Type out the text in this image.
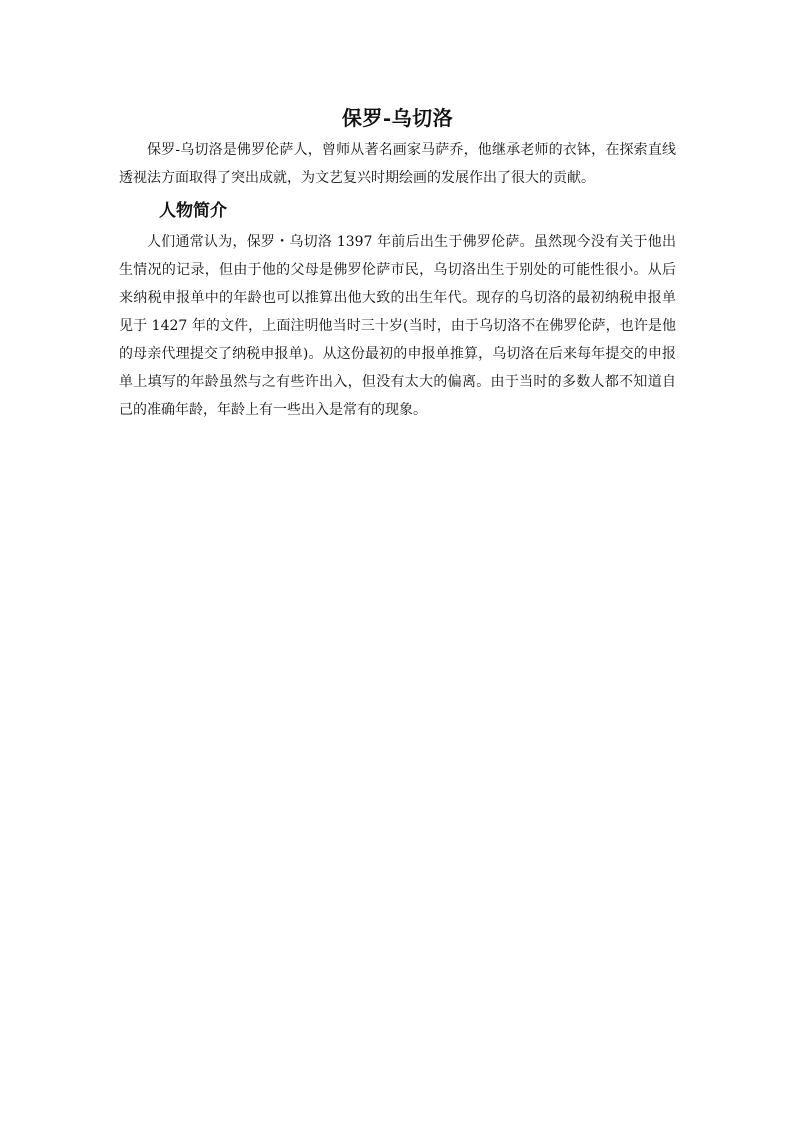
保罗-乌切洛

保罗-乌切洛是佛罗伦萨人，曾师从著名画家马萨乔，他继承老师的衣钵，在探索直线透视法方面取得了突出成就，为文艺复兴时期绘画的发展作出了很大的贡献。

人物简介

人们通常认为，保罗・乌切洛 1397 年前后出生于佛罗伦萨。虽然现今没有关于他出生情况的记录，但由于他的父母是佛罗伦萨市民，乌切洛出生于别处的可能性很小。从后来纳税申报单中的年龄也可以推算出他大致的出生年代。现存的乌切洛的最初纳税申报单见于 1427 年的文件，上面注明他当时三十岁(当时，由于乌切洛不在佛罗伦萨，也许是他的母亲代理提交了纳税申报单)。从这份最初的申报单推算，乌切洛在后来每年提交的申报单上填写的年龄虽然与之有些许出入，但没有太大的偏离。由于当时的多数人都不知道自己的准确年龄，年龄上有一些出入是常有的现象。
